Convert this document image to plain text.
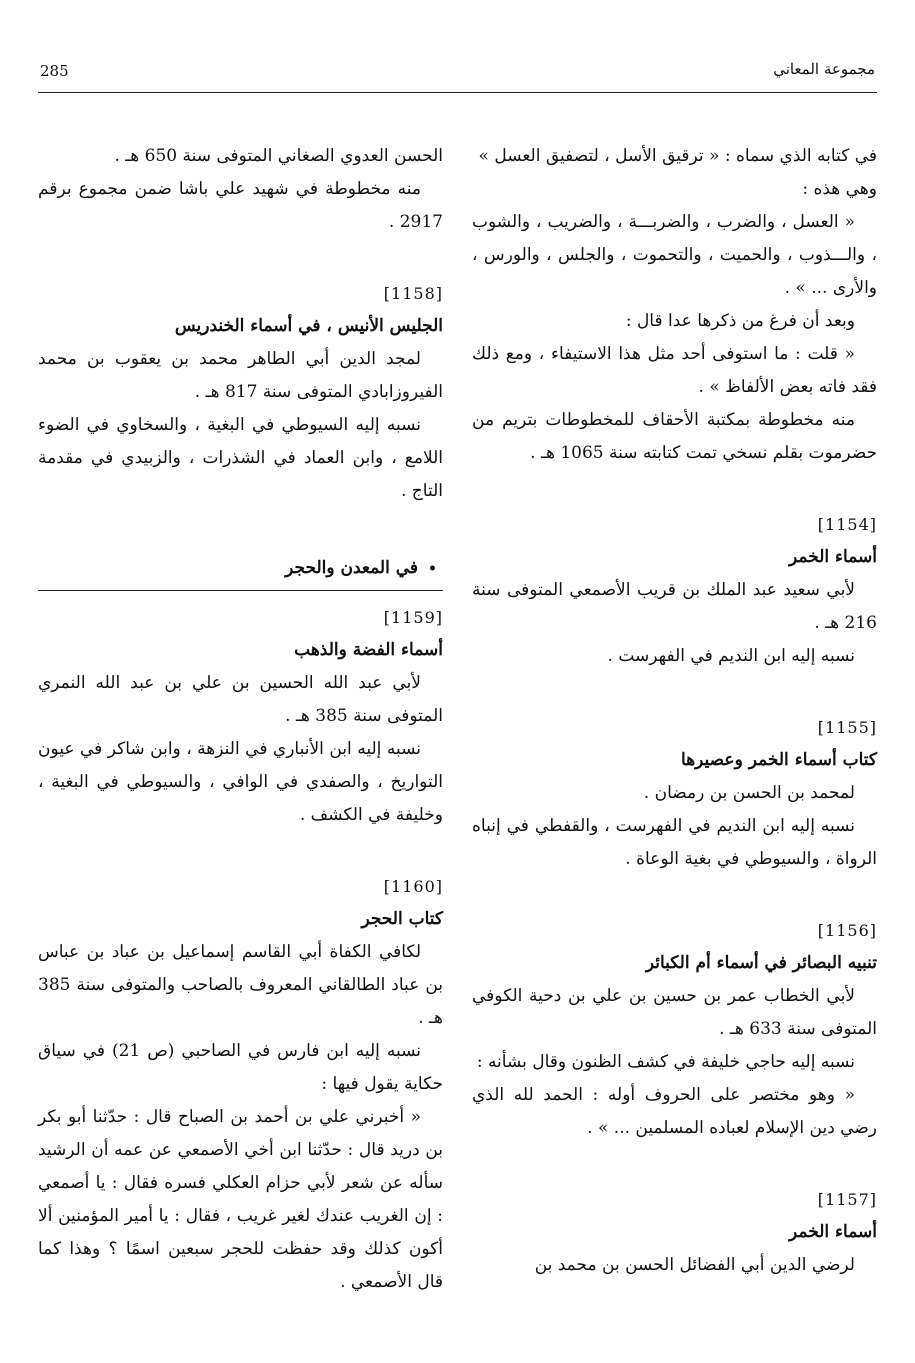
285	مجموعة المعاني

في كتابه الذي سماه : « ترقيق الأسل ، لتصفيق العسل »

وهي هذه :

« العسل ، والضرب ، والضربـــة ، والضريب ، والشوب ، والـــذوب ، والحميت ، والتحموت ، والجلس ، والورس ، والأرى ... » .

وبعد أن فرغ من ذكرها عدا قال :

« قلت : ما استوفى أحد مثل هذا الاستيفاء ، ومع ذلك فقد فاته بعض الألفاظ » .

منه مخطوطة بمكتبة الأحقاف للمخطوطات بتريم من حضرموت بقلم نسخي تمت كتابته سنة 1065 هـ .

[1154]

أسماء الخمر

لأبي سعيد عبد الملك بن قريب الأصمعي المتوفى سنة 216 هـ .

نسبه إليه ابن النديم في الفهرست .

[1155]

كتاب أسماء الخمر وعصيرها

لمحمد بن الحسن بن رمضان .

نسبه إليه ابن النديم في الفهرست ، والقفطي في إنباه الرواة ، والسيوطي في بغية الوعاة .

[1156]

تنبيه البصائر في أسماء أم الكبائر

لأبي الخطاب عمر بن حسين بن علي بن دحية الكوفي المتوفى سنة 633 هـ .

نسبه إليه حاجي خليفة في كشف الظنون وقال بشأنه :

« وهو مختصر على الحروف أوله : الحمد لله الذي رضي دين الإسلام لعباده المسلمين ... » .

[1157]

أسماء الخمر

لرضي الدين أبي الفضائل الحسن بن محمد بن

الحسن العدوي الصغاني المتوفى سنة 650 هـ .

منه مخطوطة في شهيد علي باشا ضمن مجموع برقم 2917 .

[1158]

الجليس الأنيس ، في أسماء الخندريس

لمجد الدين أبي الطاهر محمد بن يعقوب بن محمد الفيروزابادي المتوفى سنة 817 هـ .

نسبه إليه السيوطي في البغية ، والسخاوي في الضوء اللامع ، وابن العماد في الشذرات ، والزبيدي في مقدمة التاج .

•في المعدن والحجر

[1159]

أسماء الفضة والذهب

لأبي عبد الله الحسين بن علي بن عبد الله النمري المتوفى سنة 385 هـ .

نسبه إليه ابن الأنباري في النزهة ، وابن شاكر في عيون التواريخ ، والصفدي في الوافي ، والسيوطي في البغية ، وخليفة في الكشف .

[1160]

كتاب الحجر

لكافي الكفاة أبي القاسم إسماعيل بن عباد بن عباس بن عباد الطالقاني المعروف بالصاحب والمتوفى سنة 385 هـ .

نسبه إليه ابن فارس في الصاحبي (ص 21) في سياق حكاية يقول فيها :

« أخبرني علي بن أحمد بن الصباح قال : حدّثنا أبو بكر بن دريد قال : حدّثنا ابن أخي الأصمعي عن عمه أن الرشيد سأله عن شعر لأبي حزام العكلي فسره فقال : يا أصمعي : إن الغريب عندك لغير غريب ، فقال : يا أمير المؤمنين ألا أكون كذلك وقد حفظت للحجر سبعين اسمًا ؟ وهذا كما قال الأصمعي .
